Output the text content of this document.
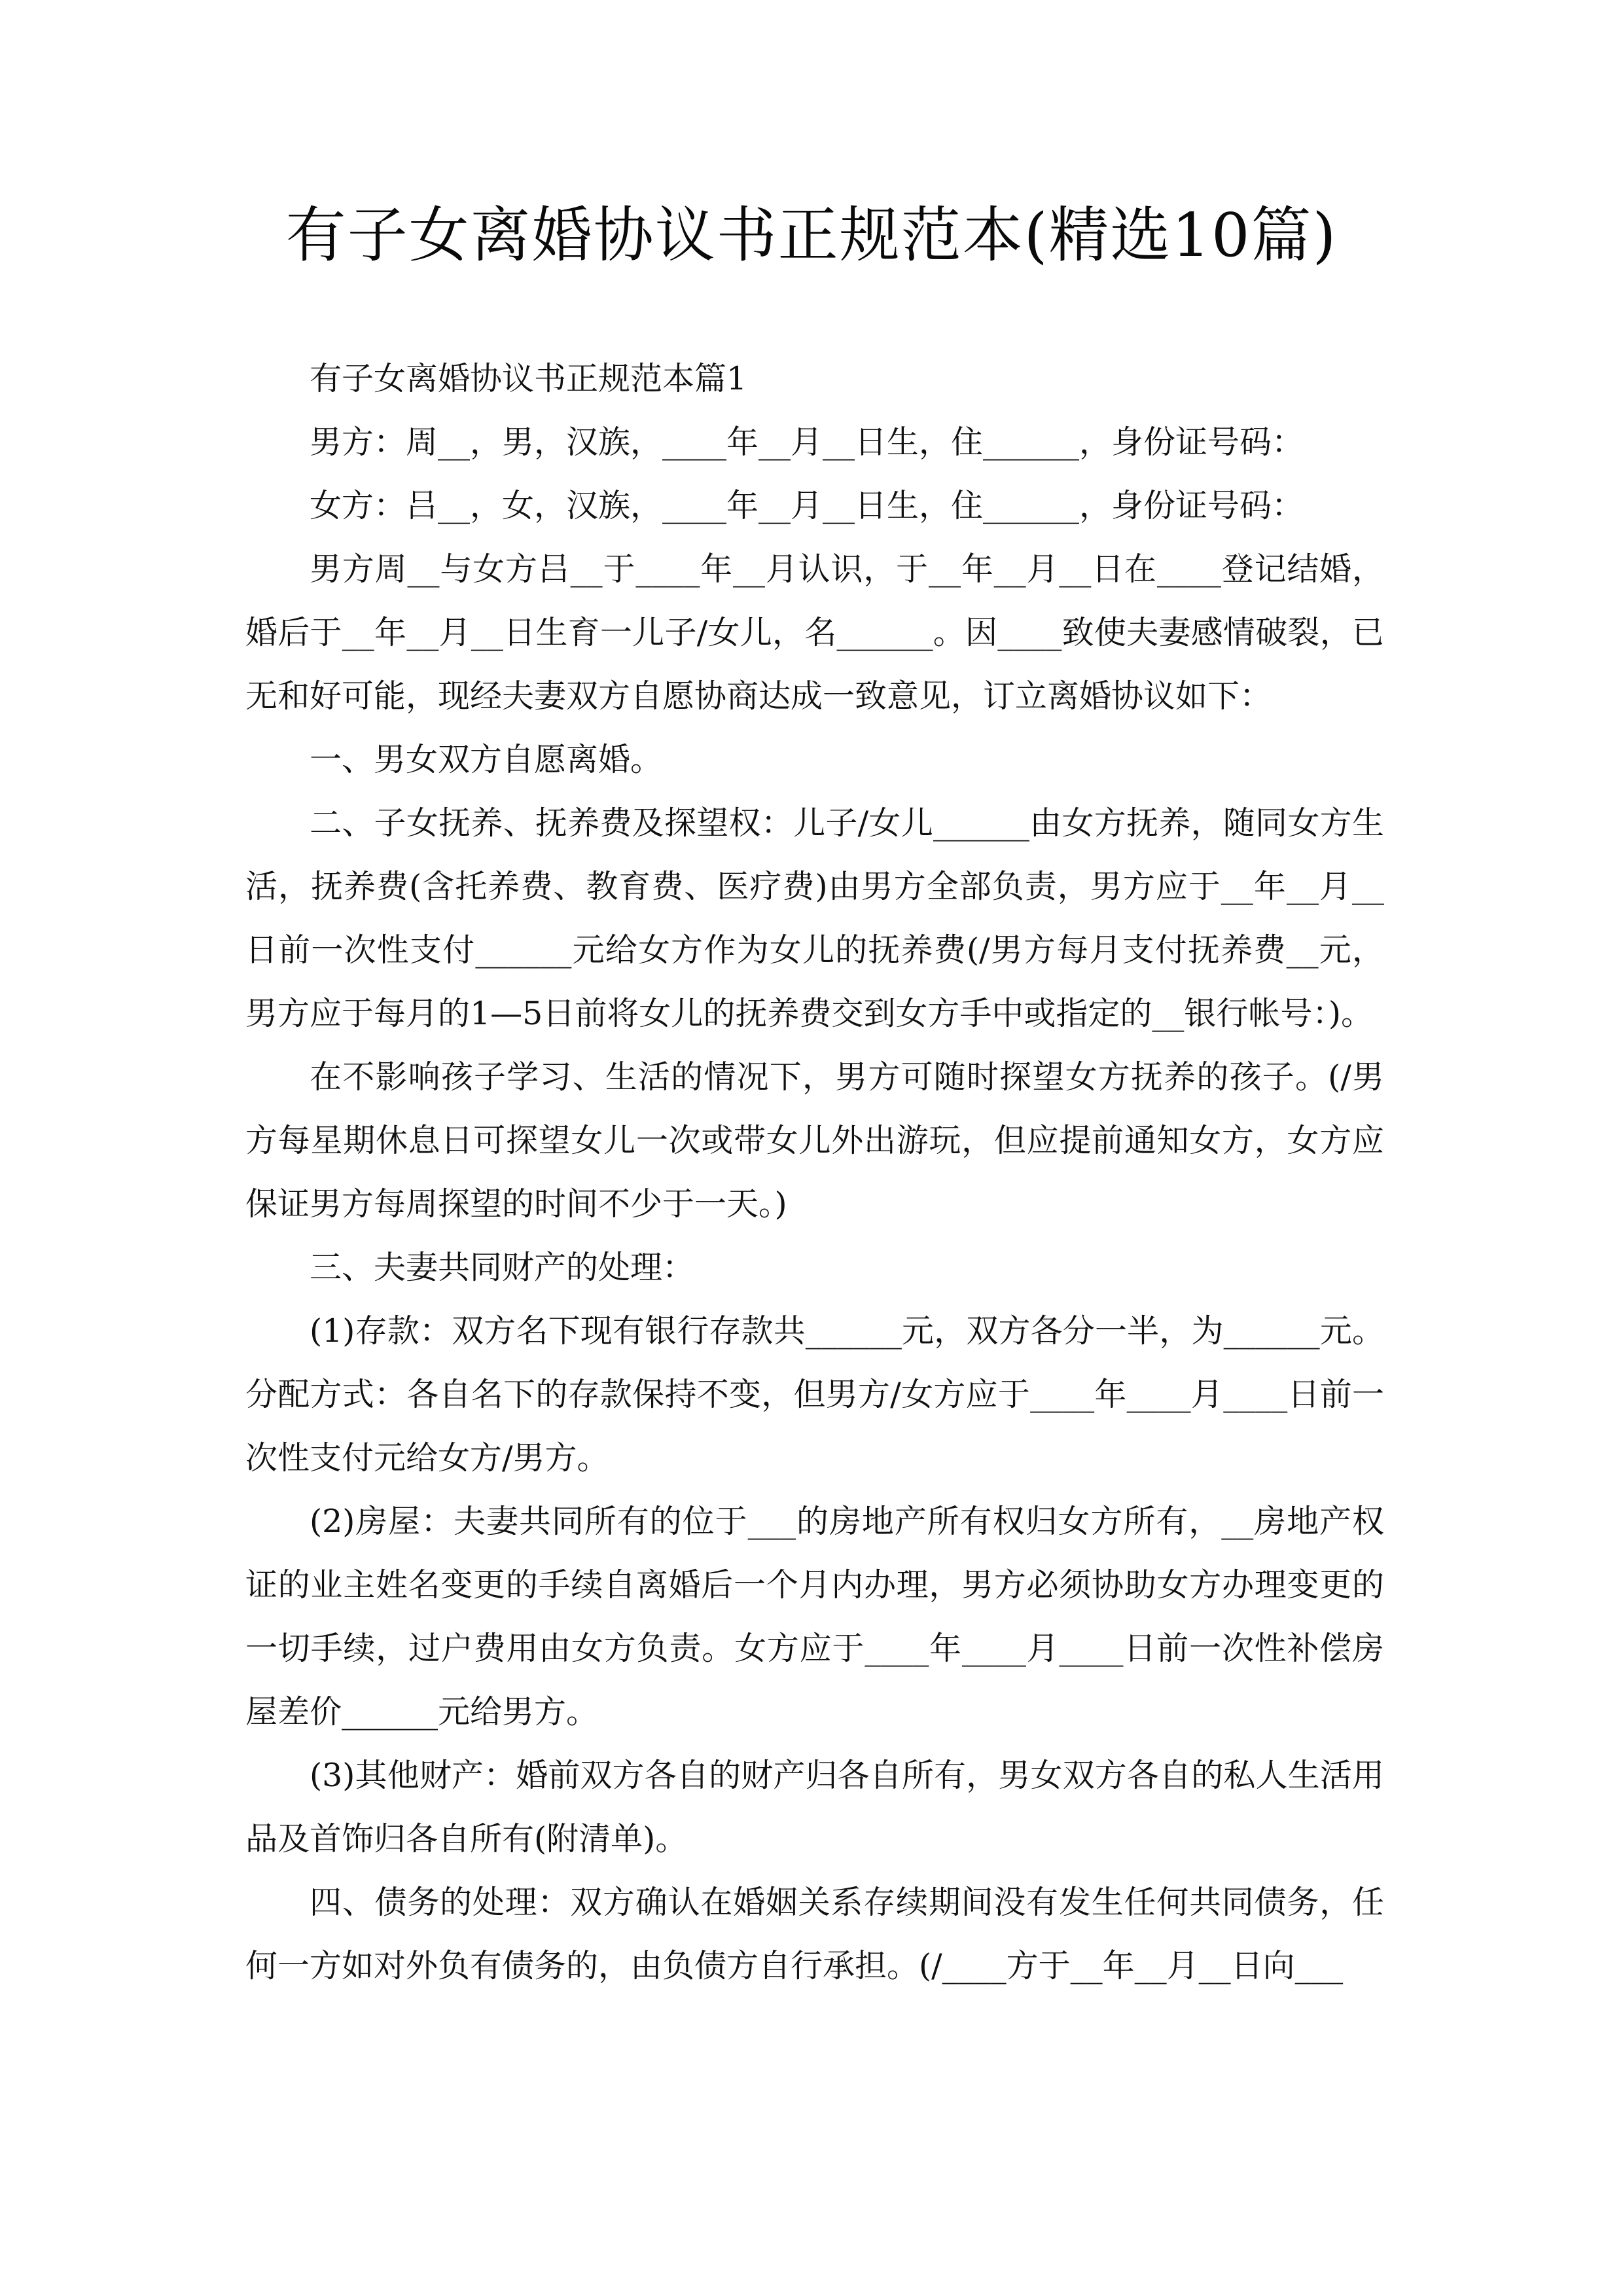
有子女离婚协议书正规范本(精选10篇)

有子女离婚协议书正规范本篇1

男方：周__，男，汉族，____年__月__日生，住______，身份证号码：

女方：吕__，女，汉族，____年__月__日生，住______，身份证号码：

男方周__与女方吕__于____年__月认识，于__年__月__日在____登记结婚，婚后于__年__月__日生育一儿子/女儿，名______。因____致使夫妻感情破裂，已无和好可能，现经夫妻双方自愿协商达成一致意见，订立离婚协议如下：

一、男女双方自愿离婚。

二、子女抚养、抚养费及探望权：儿子/女儿______由女方抚养，随同女方生活，抚养费(含托养费、教育费、医疗费)由男方全部负责，男方应于__年__月__日前一次性支付______元给女方作为女儿的抚养费(/男方每月支付抚养费__元，男方应于每月的1—5日前将女儿的抚养费交到女方手中或指定的__银行帐号：)。

在不影响孩子学习、生活的情况下，男方可随时探望女方抚养的孩子。(/男方每星期休息日可探望女儿一次或带女儿外出游玩，但应提前通知女方，女方应保证男方每周探望的时间不少于一天。)

三、夫妻共同财产的处理：

(1)存款：双方名下现有银行存款共______元，双方各分一半，为______元。分配方式：各自名下的存款保持不变，但男方/女方应于____年____月____日前一次性支付元给女方/男方。

(2)房屋：夫妻共同所有的位于___的房地产所有权归女方所有，__房地产权证的业主姓名变更的手续自离婚后一个月内办理，男方必须协助女方办理变更的一切手续，过户费用由女方负责。女方应于____年____月____日前一次性补偿房屋差价______元给男方。

(3)其他财产：婚前双方各自的财产归各自所有，男女双方各自的私人生活用品及首饰归各自所有(附清单)。

四、债务的处理：双方确认在婚姻关系存续期间没有发生任何共同债务，任何一方如对外负有债务的，由负债方自行承担。(/____方于__年__月__日向___
